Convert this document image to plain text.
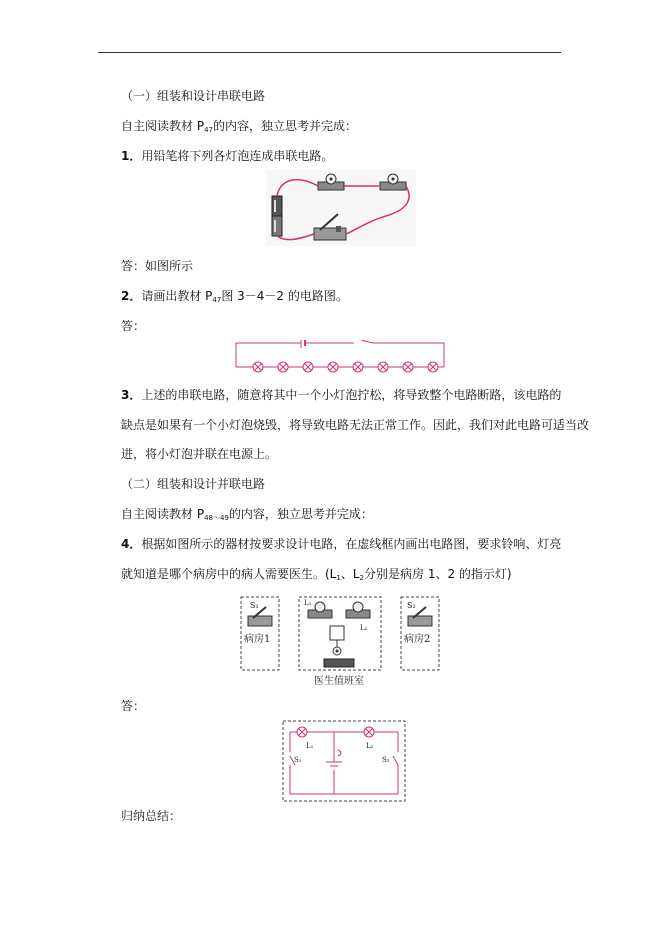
（一）组装和设计串联电路
自主阅读教材 $P_{47}$的内容，独立思考并完成：
1．用铅笔将下列各灯泡连成串联电路。
答：如图所示
2．请画出教材 $P_{47}$图 3－4－2 的电路图。
答：
3．上述的串联电路，随意将其中一个小灯泡拧松，将导致整个电路断路，该电路的
缺点是如果有一个小灯泡烧毁，将导致电路无法正常工作。因此，我们对此电路可适当改
进，将小灯泡并联在电源上。
（二）组装和设计并联电路
自主阅读教材 $P_{48\sim 49}$的内容，独立思考并完成：
4．根据如图所示的器材按要求设计电路，在虚线框内画出电路图，要求铃响、灯亮
就知道是哪个病房中的病人需要医生。($L_1$、$L_2$分别是病房 1、2 的指示灯)
S₁
病房1
L₁
L₂
S₂
病房2
医生值班室
答：
L₁	L₂
S₁	S₂
归纳总结：
